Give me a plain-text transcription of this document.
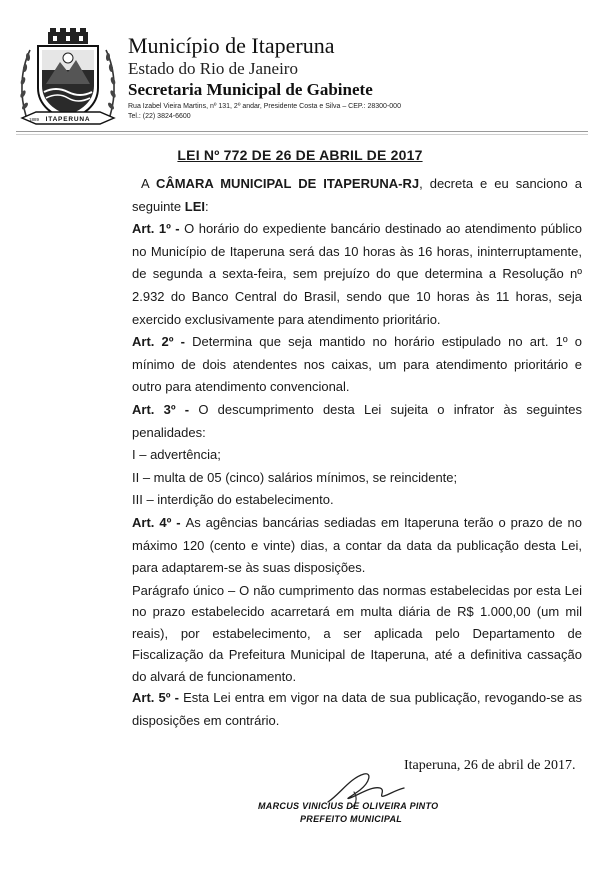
1889 ITAPERUNA
Município de Itaperuna
Estado do Rio de Janeiro
Secretaria Municipal de Gabinete
Rua Izabel Vieira Martins, nº 131, 2º andar, Presidente Costa e Silva – CEP.: 28300-000
Tel.: (22) 3824-6600
LEI Nº 772 DE 26 DE ABRIL DE 2017

A CÂMARA MUNICIPAL DE ITAPERUNA-RJ, decreta e eu sanciono a seguinte LEI:

Art. 1º - O horário do expediente bancário destinado ao atendimento público no Município de Itaperuna será das 10 horas às 16 horas, ininterruptamente, de segunda a sexta-feira, sem prejuízo do que determina a Resolução nº 2.932 do Banco Central do Brasil, sendo que 10 horas às 11 horas, seja exercido exclusivamente para atendimento prioritário.

Art. 2º - Determina que seja mantido no horário estipulado no art. 1º o mínimo de dois atendentes nos caixas, um para atendimento prioritário e outro para atendimento convencional.

Art. 3º - O descumprimento desta Lei sujeita o infrator às seguintes penalidades:

I – advertência;

II – multa de 05 (cinco) salários mínimos, se reincidente;

III – interdição do estabelecimento.

Art. 4º - As agências bancárias sediadas em Itaperuna terão o prazo de no máximo 120 (cento e vinte) dias, a contar da data da publicação desta Lei, para adaptarem-se às suas disposições.

Parágrafo único – O não cumprimento das normas estabelecidas por esta Lei no prazo estabelecido acarretará em multa diária de R$ 1.000,00 (um mil reais), por estabelecimento, a ser aplicada pelo Departamento de Fiscalização da Prefeitura Municipal de Itaperuna, até a definitiva cassação do alvará de funcionamento.

Art. 5º - Esta Lei entra em vigor na data de sua publicação, revogando-se as disposições em contrário.

Itaperuna, 26 de abril de 2017.
MARCUS VINICIUS DE OLIVEIRA PINTO
PREFEITO MUNICIPAL
